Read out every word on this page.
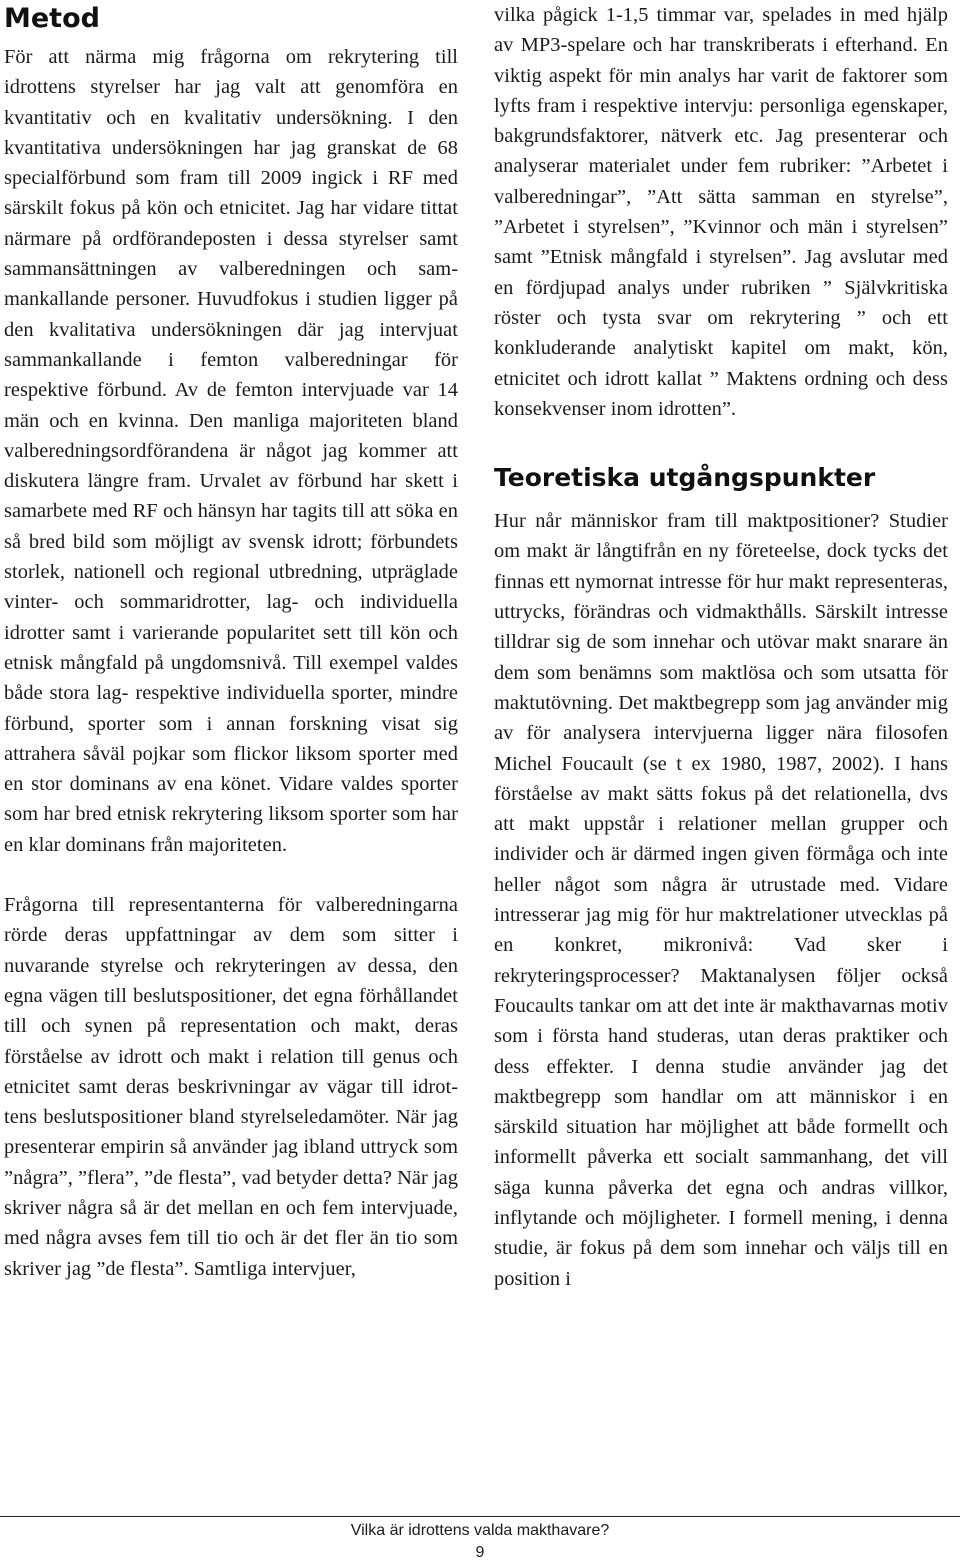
Metod

För att närma mig frågorna om rekrytering till idrottens styrelser har jag valt att genomföra en kvantitativ och en kvalitativ undersökning. I den kvantitativa undersökningen har jag granskat de 68 specialförbund som fram till 2009 ingick i RF med särskilt fokus på kön och etnicitet. Jag har vidare tittat närmare på ordförandeposten i dessa styrelser samt sammansättningen av valberedningen och sammankallande personer. Huvudfokus i studien ligger på den kvalitativa undersökningen där jag intervjuat sammankallande i femton valberedningar för respektive förbund. Av de femton intervjuade var 14 män och en kvinna. Den manliga majoriteten bland valberedningsordförandena är något jag kommer att diskutera längre fram. Urvalet av förbund har skett i samarbete med RF och hänsyn har tagits till att söka en så bred bild som möjligt av svensk idrott; förbundets storlek, nationell och regional utbredning, utpräglade vinter- och sommaridrotter, lag- och individuella idrotter samt i varierande popularitet sett till kön och etnisk mångfald på ungdomsnivå. Till exempel valdes både stora lag- respektive individuella sporter, mindre förbund, sporter som i annan forskning visat sig attrahera såväl pojkar som flickor liksom sporter med en stor dominans av ena könet. Vidare valdes sporter som har bred etnisk rekrytering liksom sporter som har en klar dominans från majoriteten.

Frågorna till representanterna för valberedningarna rörde deras uppfattningar av dem som sitter i nuvarande styrelse och rekryteringen av dessa, den egna vägen till beslutspositioner, det egna förhållandet till och synen på representation och makt, deras förståelse av idrott och makt i relation till genus och etnicitet samt deras beskrivningar av vägar till idrottens beslutspositioner bland styrelseledamöter. När jag presenterar empirin så använder jag ibland uttryck som ”några”, ”flera”, ”de flesta”, vad betyder detta? När jag skriver några så är det mellan en och fem intervjuade, med några avses fem till tio och är det fler än tio som skriver jag ”de flesta”. Samtliga intervjuer,

vilka pågick 1-1,5 timmar var, spelades in med hjälp av MP3-spelare och har transkriberats i efterhand. En viktig aspekt för min analys har varit de faktorer som lyfts fram i respektive intervju: personliga egenskaper, bakgrundsfaktorer, nätverk etc. Jag presenterar och analyserar materialet under fem rubriker: ”Arbetet i valberedningar”, ”Att sätta samman en styrelse”, ”Arbetet i styrelsen”, ”Kvinnor och män i styrelsen” samt ”Etnisk mångfald i styrelsen”. Jag avslutar med en fördjupad analys under rubriken ” Självkritiska röster och tysta svar om rekrytering ” och ett konkluderande analytiskt kapitel om makt, kön, etnicitet och idrott kallat ” Maktens ordning och dess konsekvenser inom idrotten”.

Teoretiska utgångspunkter

Hur når människor fram till maktpositioner? Studier om makt är långtifrån en ny företeelse, dock tycks det finnas ett nymornat intresse för hur makt representeras, uttrycks, förändras och vidmakthålls. Särskilt intresse tilldrar sig de som innehar och utövar makt snarare än dem som benämns som maktlösa och som utsatta för maktutövning. Det maktbegrepp som jag använder mig av för analysera intervjuerna ligger nära filosofen Michel Foucault (se t ex 1980, 1987, 2002). I hans förståelse av makt sätts fokus på det relationella, dvs att makt uppstår i relationer mellan grupper och individer och är därmed ingen given förmåga och inte heller något som några är utrustade med. Vidare intresserar jag mig för hur maktrelationer utvecklas på en konkret, mikronivå: Vad sker i rekryteringsprocesser? Maktanalysen följer också Foucaults tankar om att det inte är makthavarnas motiv som i första hand studeras, utan deras praktiker och dess effekter. I denna studie använder jag det maktbegrepp som handlar om att människor i en särskild situation har möjlighet att både formellt och informellt påverka ett socialt sammanhang, det vill säga kunna påverka det egna och andras villkor, inflytande och möjligheter. I formell mening, i denna studie, är fokus på dem som innehar och väljs till en position i

Vilka är idrottens valda makthavare?
9
